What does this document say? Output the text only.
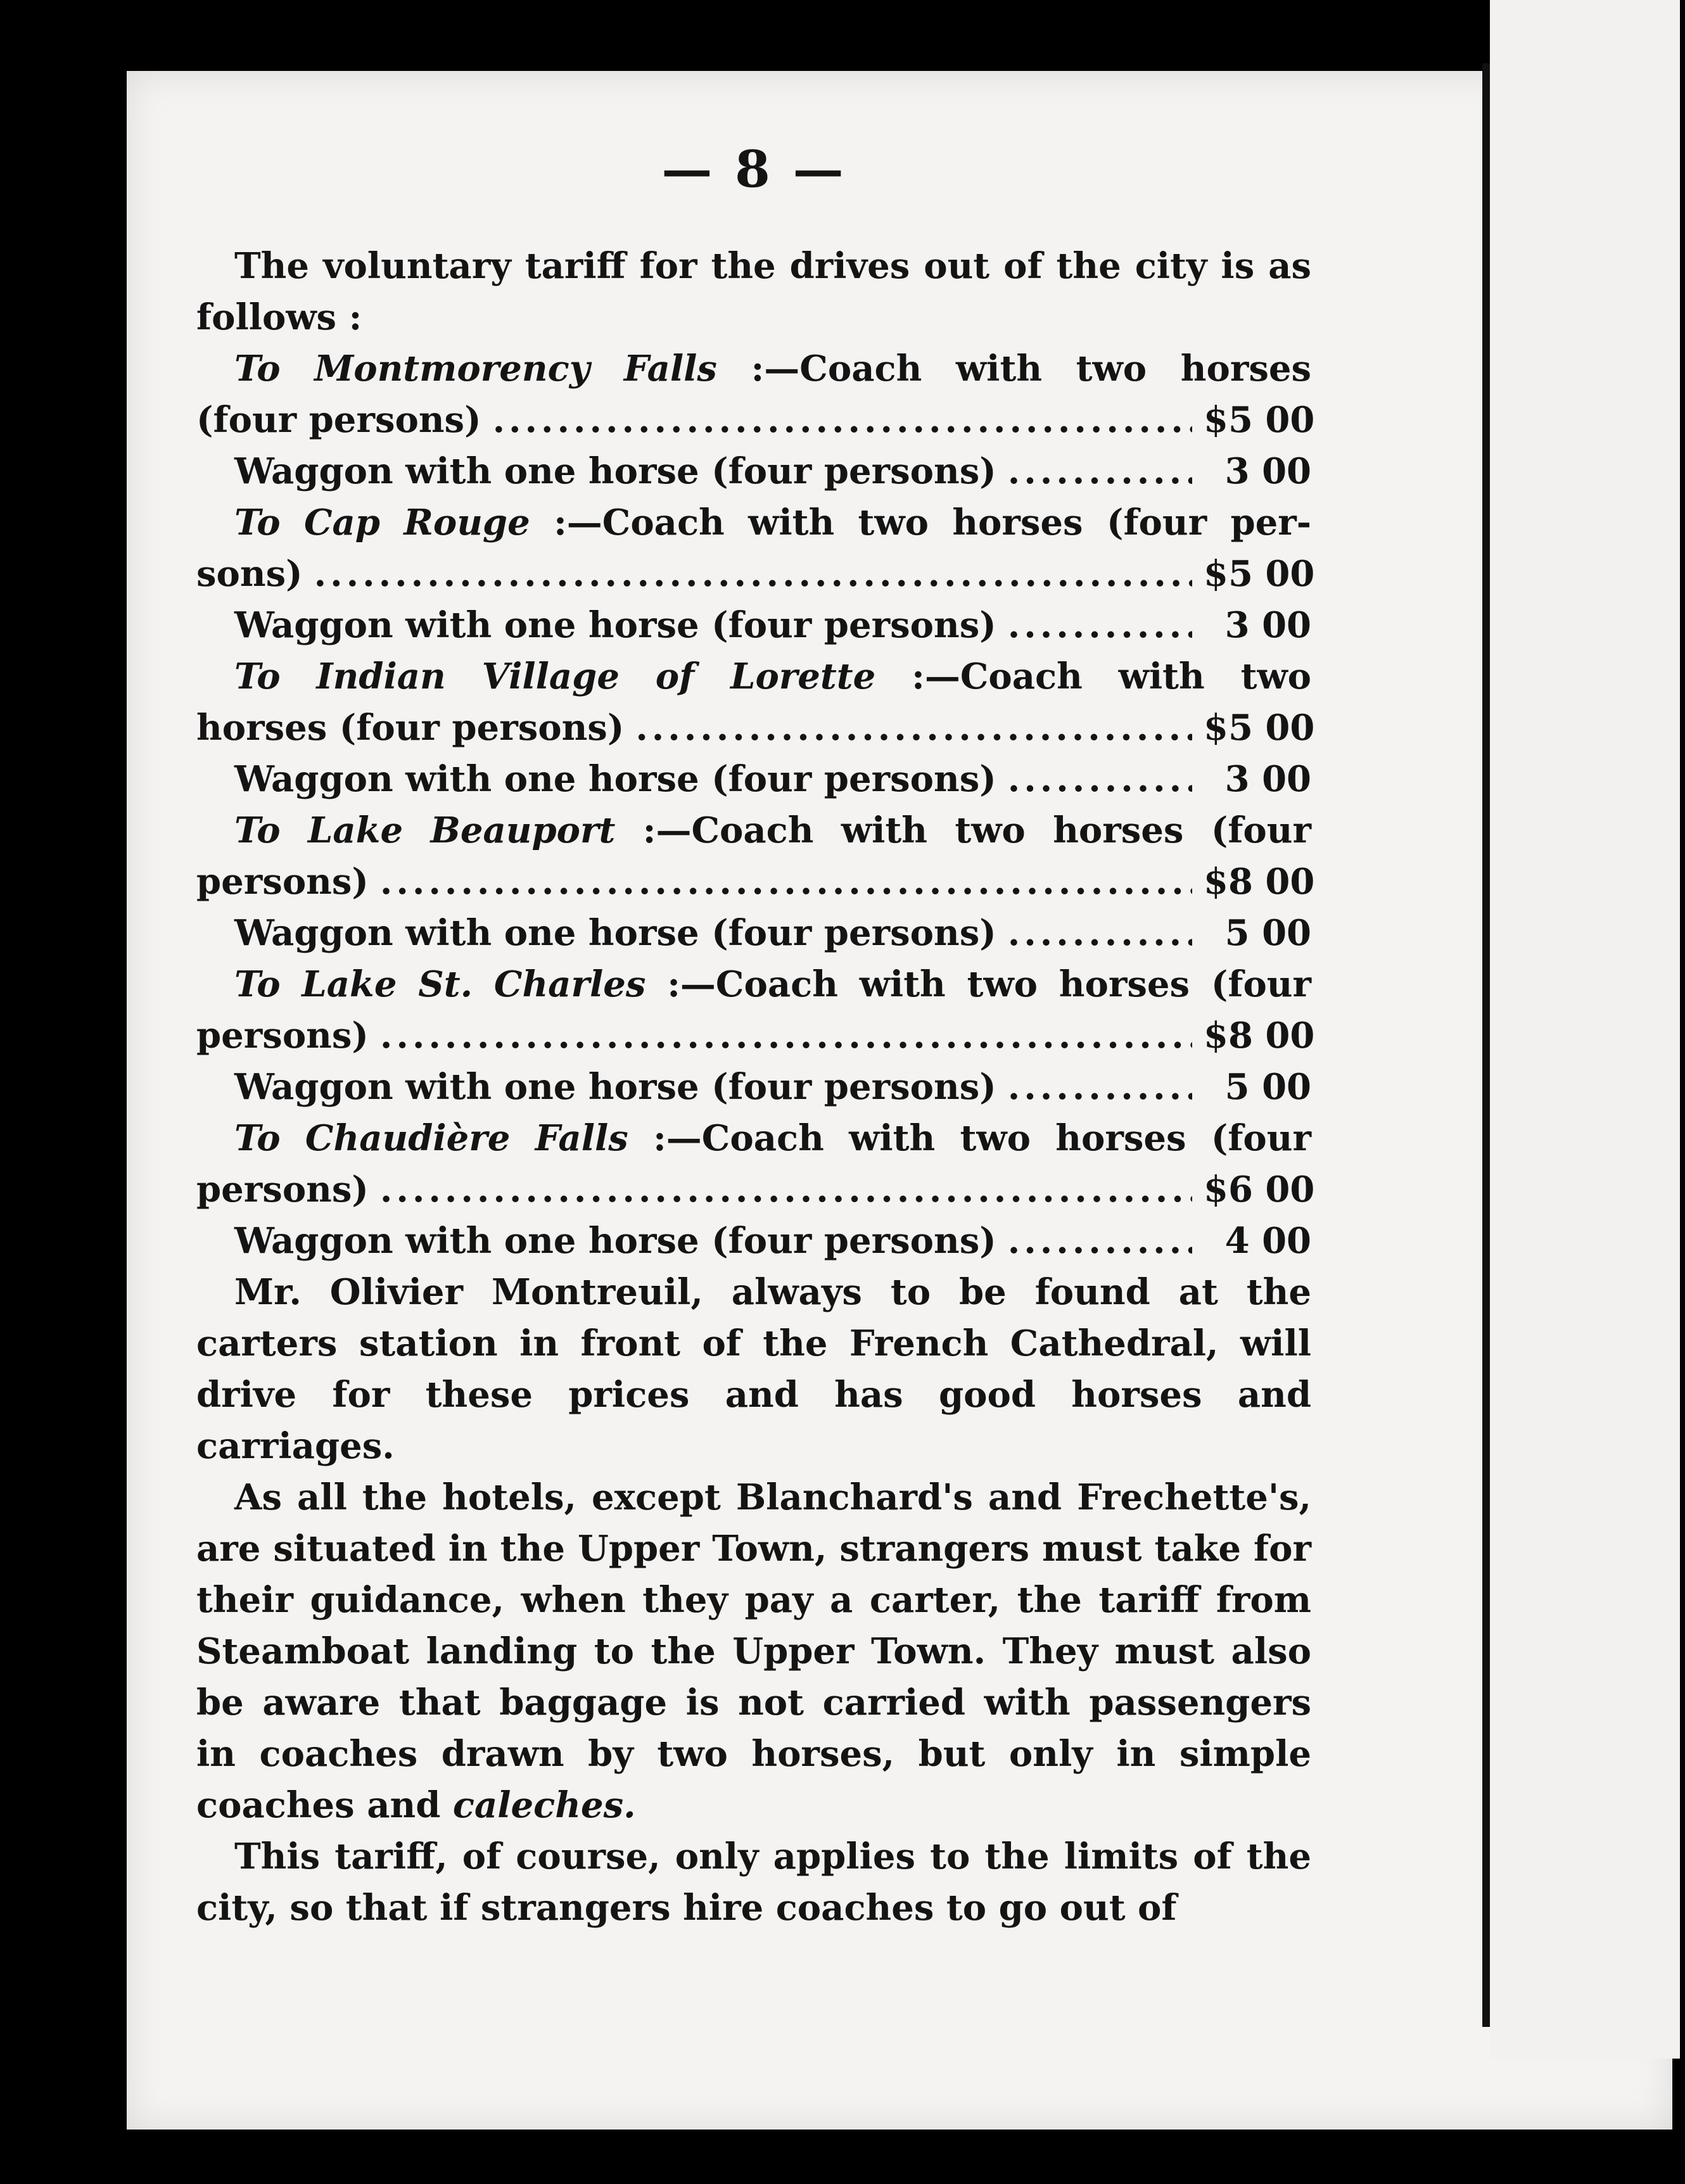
— 8 —

The voluntary tariff for the drives out of the city is as follows :

To Montmorency Falls :—Coach with two horses
(four persons) .....	$5 00
Waggon with one horse (four persons) .....	3 00
To Cap Rouge :—Coach with two horses (four per-
sons) .....	$5 00
Waggon with one horse (four persons) .....	3 00
To Indian Village of Lorette :—Coach with two
horses (four persons) .....	$5 00
Waggon with one horse (four persons) .....	3 00
To Lake Beauport :—Coach with two horses (four
persons) .....	$8 00
Waggon with one horse (four persons) .....	5 00
To Lake St. Charles :—Coach with two horses (four
persons) .....	$8 00
Waggon with one horse (four persons) .....	5 00
To Chaudière Falls :—Coach with two horses (four
persons) .....	$6 00
Waggon with one horse (four persons) .....	4 00

Mr. Olivier Montreuil, always to be found at the carters station in front of the French Cathedral, will drive for these prices and has good horses and carriages.

As all the hotels, except Blanchard's and Frechette's, are situated in the Upper Town, strangers must take for their guidance, when they pay a carter, the tariff from Steamboat landing to the Upper Town. They must also be aware that baggage is not carried with passengers in coaches drawn by two horses, but only in simple coaches and caleches.

This tariff, of course, only applies to the limits of the city, so that if strangers hire coaches to go out of
